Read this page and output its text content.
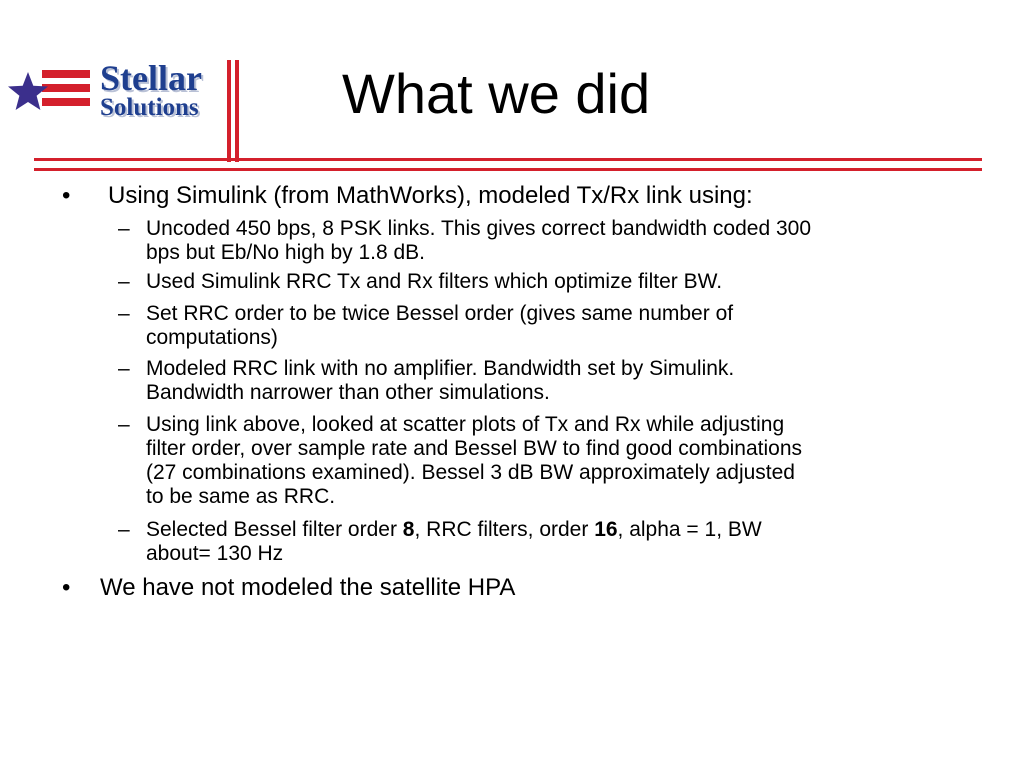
Stellar
Solutions	What we did
• Using Simulink (from MathWorks), modeled Tx/Rx link using:
– Uncoded 450 bps, 8 PSK links. This gives correct bandwidth coded 300
bps but Eb/No high by 1.8 dB.
– Used Simulink RRC Tx and Rx filters which optimize filter BW.
– Set RRC order to be twice Bessel order (gives same number of
computations)
– Modeled RRC link with no amplifier. Bandwidth set by Simulink.
Bandwidth narrower than other simulations.
– Using link above, looked at scatter plots of Tx and Rx while adjusting
filter order, over sample rate and Bessel BW to find good combinations
(27 combinations examined). Bessel 3 dB BW approximately adjusted
to be same as RRC.
– Selected Bessel filter order 8, RRC filters, order 16, alpha = 1, BW
about= 130 Hz
• We have not modeled the satellite HPA
